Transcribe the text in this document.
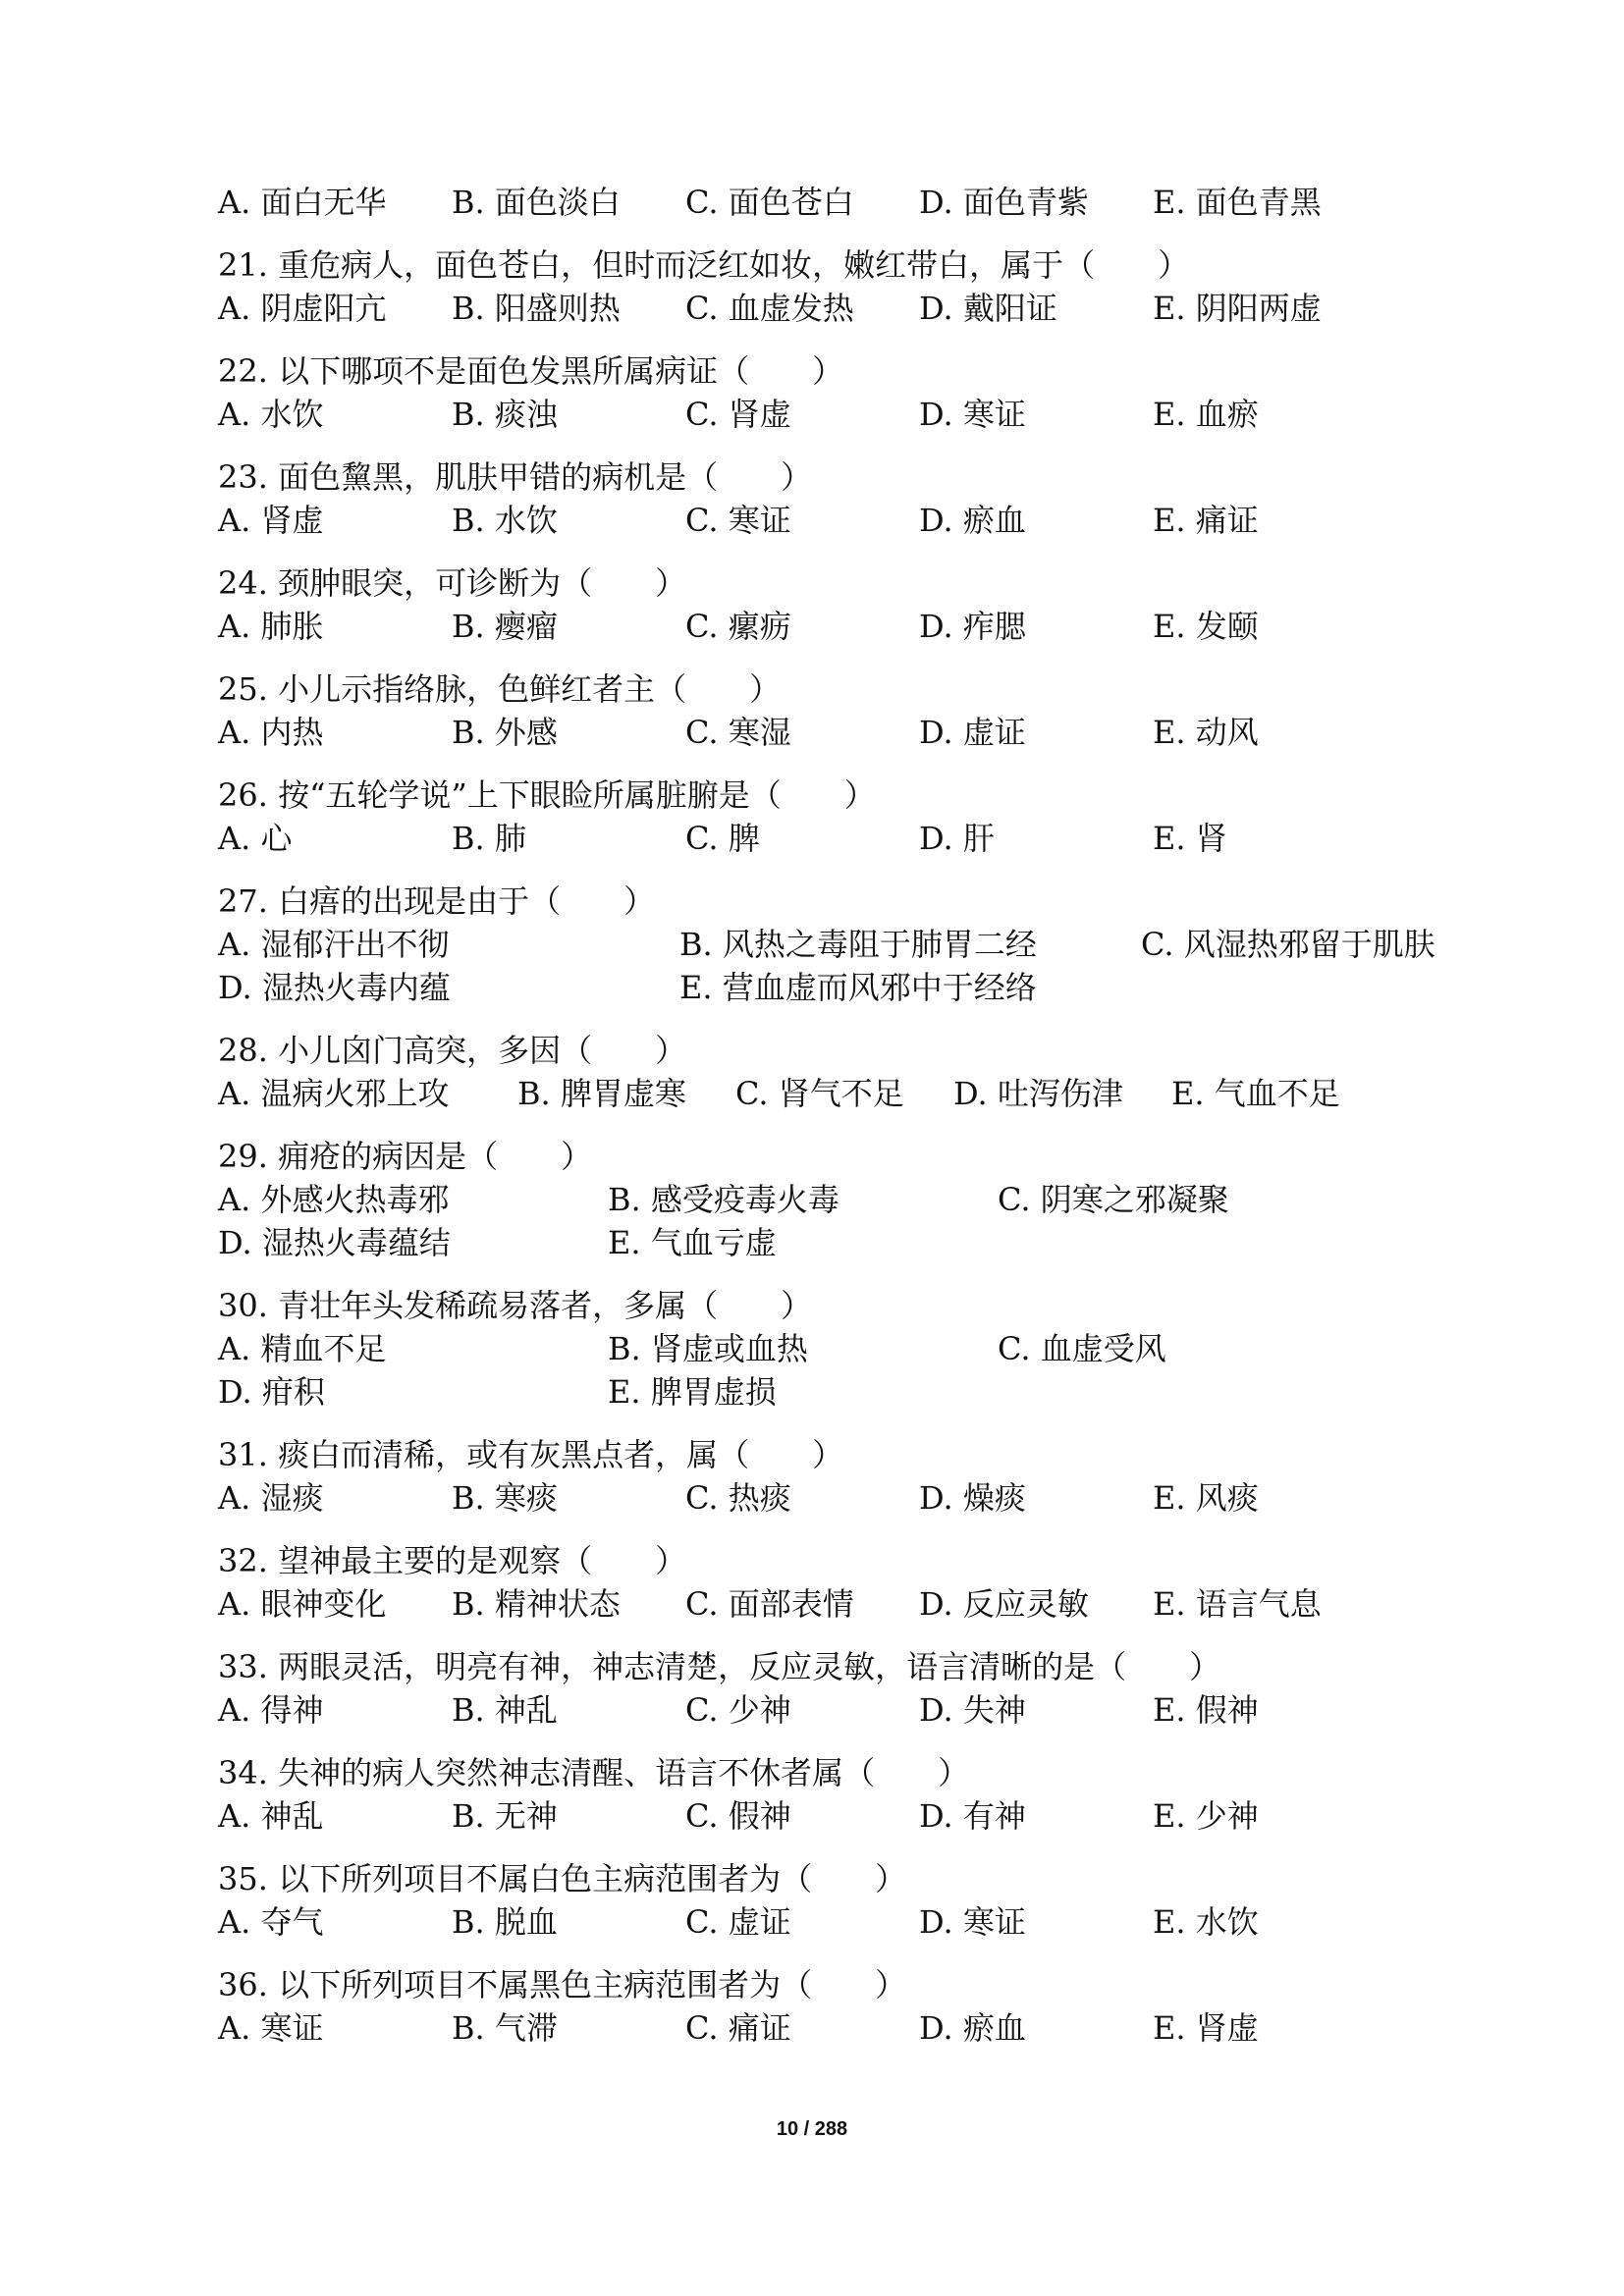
A. 面白无华	B. 面色淡白	C. 面色苍白	D. 面色青紫	E. 面色青黑
21. 重危病人，面色苍白，但时而泛红如妆，嫩红带白，属于（　　）
A. 阴虚阳亢	B. 阳盛则热	C. 血虚发热	D. 戴阳证	E. 阴阳两虚
22. 以下哪项不是面色发黑所属病证（　　）
A. 水饮	B. 痰浊	C. 肾虚	D. 寒证	E. 血瘀
23. 面色黧黑，肌肤甲错的病机是（　　）
A. 肾虚	B. 水饮	C. 寒证	D. 瘀血	E. 痛证
24. 颈肿眼突，可诊断为（　　）
A. 肺胀	B. 瘿瘤	C. 瘰疬	D. 痄腮	E. 发颐
25. 小儿示指络脉，色鲜红者主（　　）
A. 内热	B. 外感	C. 寒湿	D. 虚证	E. 动风
26. 按“五轮学说”上下眼睑所属脏腑是（　　）
A. 心	B. 肺	C. 脾	D. 肝	E. 肾
27. 白痦的出现是由于（　　）
A. 湿郁汗出不彻	B. 风热之毒阻于肺胃二经	C. 风湿热邪留于肌肤
D. 湿热火毒内蕴	E. 营血虚而风邪中于经络
28. 小儿囟门高突，多因（　　）
A. 温病火邪上攻	B. 脾胃虚寒	C. 肾气不足	D. 吐泻伤津	E. 气血不足
29. 痈疮的病因是（　　）
A. 外感火热毒邪	B. 感受疫毒火毒	C. 阴寒之邪凝聚
D. 湿热火毒蕴结	E. 气血亏虚
30. 青壮年头发稀疏易落者，多属（　　）
A. 精血不足	B. 肾虚或血热	C. 血虚受风
D. 疳积	E. 脾胃虚损
31. 痰白而清稀，或有灰黑点者，属（　　）
A. 湿痰	B. 寒痰	C. 热痰	D. 燥痰	E. 风痰
32. 望神最主要的是观察（　　）
A. 眼神变化	B. 精神状态	C. 面部表情	D. 反应灵敏	E. 语言气息
33. 两眼灵活，明亮有神，神志清楚，反应灵敏，语言清晰的是（　　）
A. 得神	B. 神乱	C. 少神	D. 失神	E. 假神
34. 失神的病人突然神志清醒、语言不休者属（　　）
A. 神乱	B. 无神	C. 假神	D. 有神	E. 少神
35. 以下所列项目不属白色主病范围者为（　　）
A. 夺气	B. 脱血	C. 虚证	D. 寒证	E. 水饮
36. 以下所列项目不属黑色主病范围者为（　　）
A. 寒证	B. 气滞	C. 痛证	D. 瘀血	E. 肾虚
10 / 288
